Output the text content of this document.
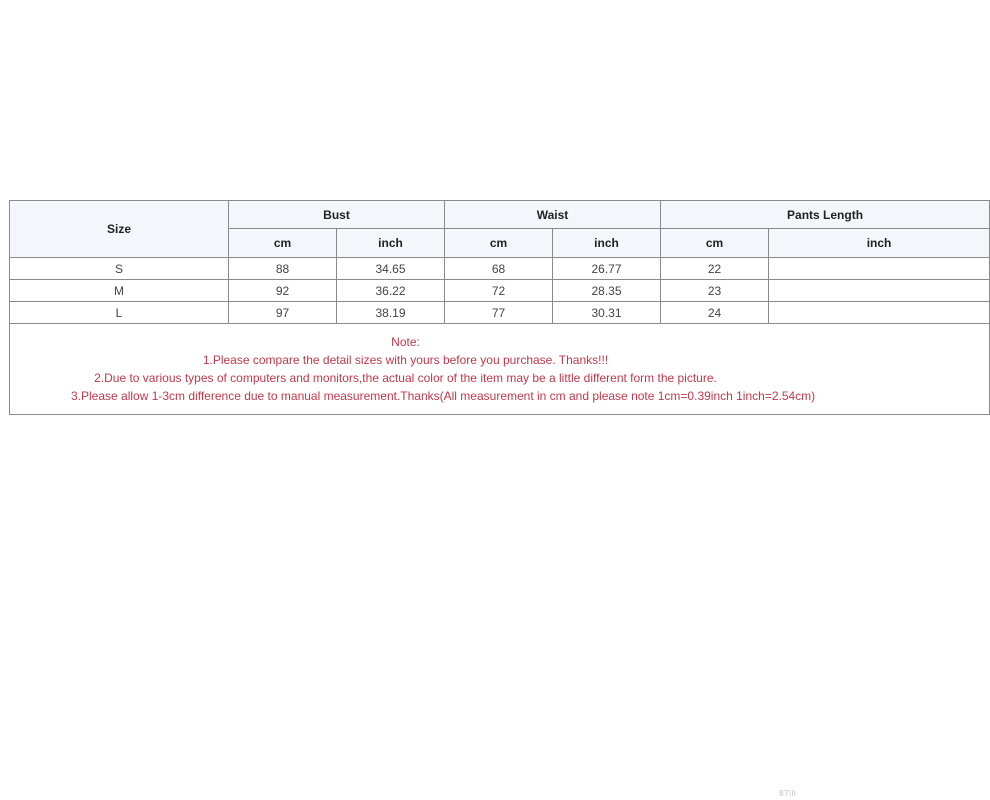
Size	Bust		Waist		Pants Length	
	cm	inch	cm	inch	cm	inch
S	88	34.65	68	26.77	22	
M	92	36.22	72	28.35	23	
L	97	38.19	77	30.31	24	

Note:
1.Please compare the detail sizes with yours before you purchase. Thanks!!!
2.Due to various types of computers and monitors,the actual color of the item may be a little different form the picture.
3.Please allow 1-3cm difference due to manual measurement.Thanks(All measurement in cm and please note 1cm=0.39inch 1inch=2.54cm)						
87III
